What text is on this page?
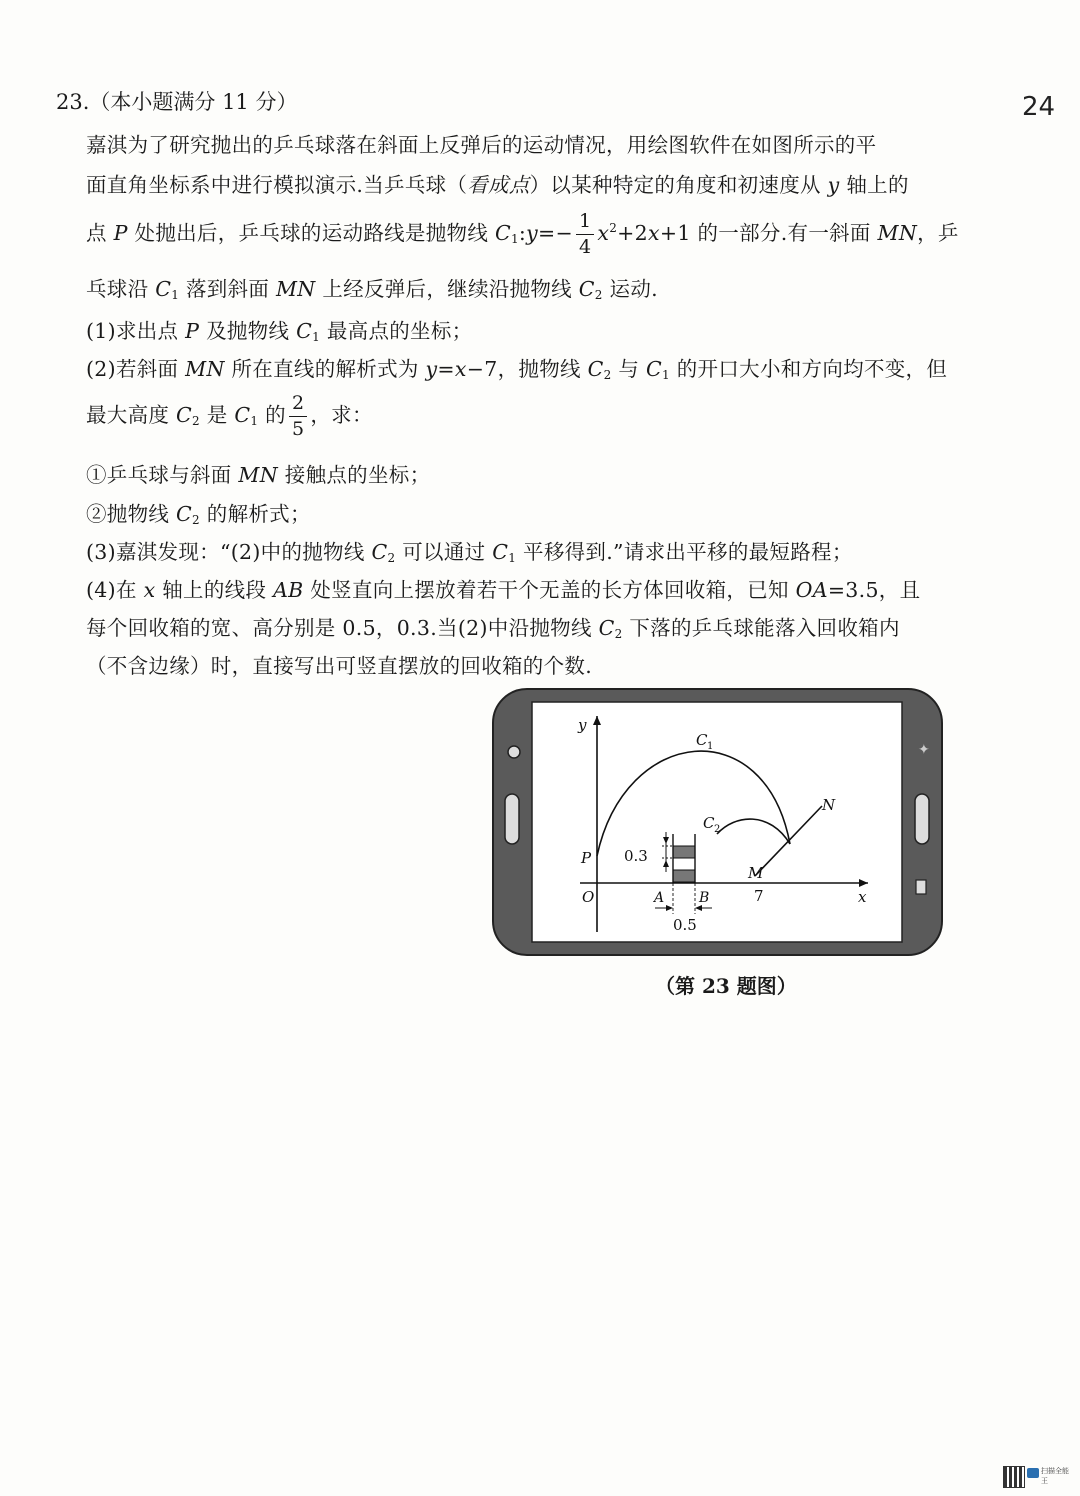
24
23.（本小题满分 11 分）
嘉淇为了研究抛出的乒乓球落在斜面上反弹后的运动情况，用绘图软件在如图所示的平
面直角坐标系中进行模拟演示.当乒乓球（看成点）以某种特定的角度和初速度从 y 轴上的
点 P 处抛出后，乒乓球的运动路线是抛物线 $C_1:y=- \frac{1}{4} x^2+2x+1$ 的一部分.有一斜面 MN，乒
乓球沿 $C_1$ 落到斜面 MN 上经反弹后，继续沿抛物线 $C_2$ 运动.
(1)求出点 P 及抛物线 $C_1$ 最高点的坐标；
(2)若斜面 MN 所在直线的解析式为 y=x−7，抛物线 $C_2$ 与 $C_1$ 的开口大小和方向均不变，但
最大高度 $C_2$ 是 $C_1$ 的 $\frac{2}{5}$ ，求：
①乒乓球与斜面 MN 接触点的坐标；
②抛物线 $C_2$ 的解析式；
(3)嘉淇发现：“(2)中的抛物线 $C_2$ 可以通过 $C_1$ 平移得到.”请求出平移的最短路程；
(4)在 x 轴上的线段 AB 处竖直向上摆放着若干个无盖的长方体回收箱，已知 OA=3.5，且
每个回收箱的宽、高分别是 0.5，0.3.当(2)中沿抛物线 $C_2$ 下落的乒乓球能落入回收箱内
（不含边缘）时，直接写出可竖直摆放的回收箱的个数.
✦
y
x
O
P
A B
M
N
7
0.3
0.5
C 1
C 2
（第 23 题图）
扫描全能王
